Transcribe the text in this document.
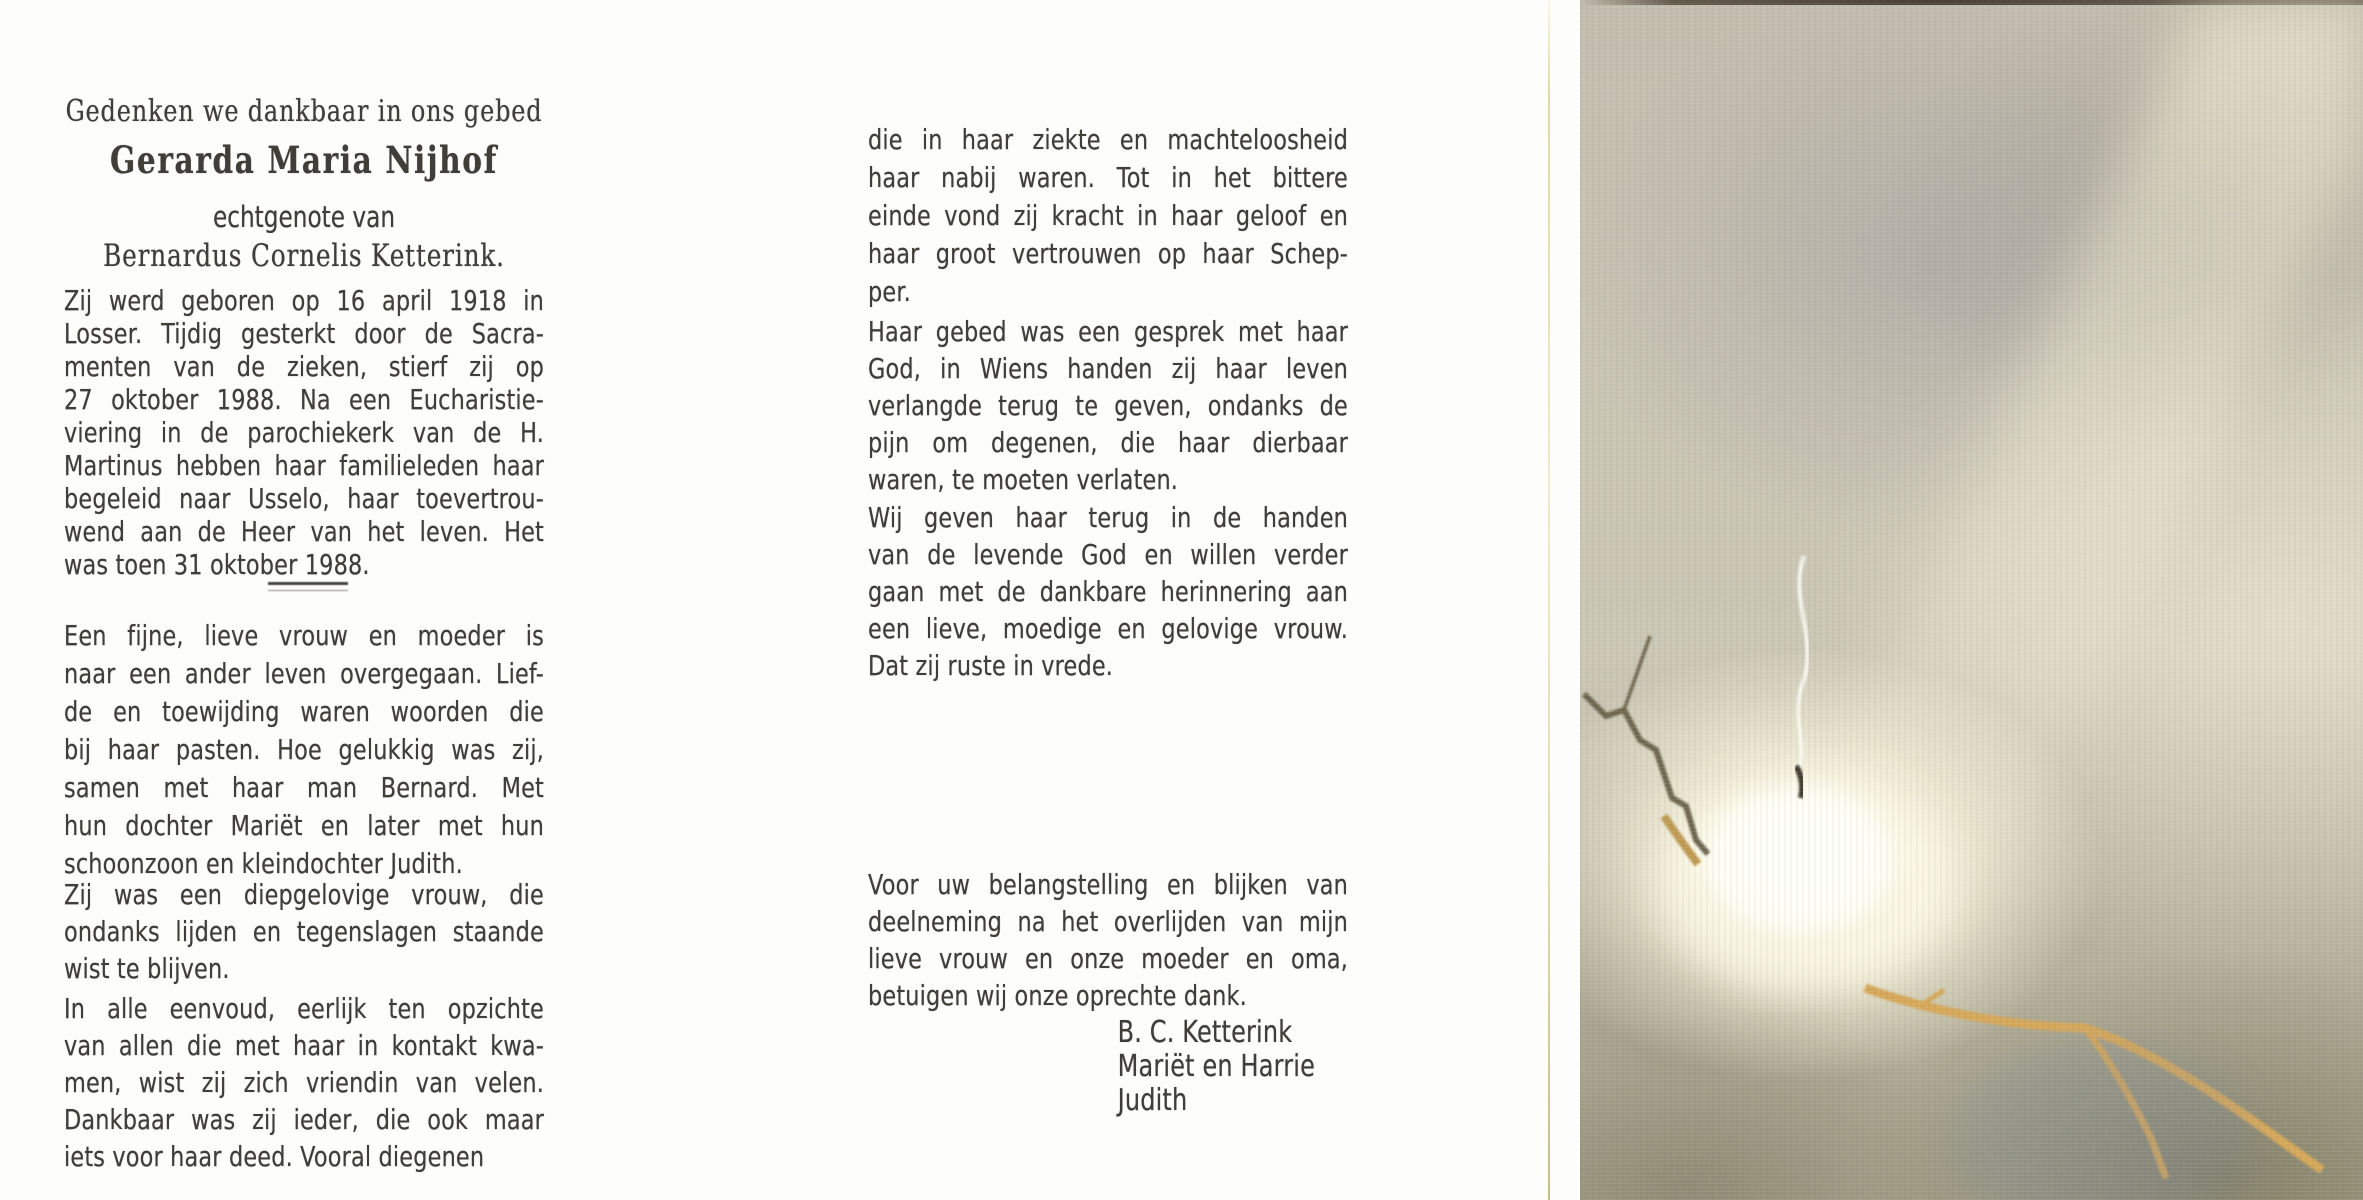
Gedenken we dankbaar in ons gebed
Gerarda Maria Nijhof
echtgenote van
Bernardus Cornelis Ketterink.
Zij werd geboren op 16 april 1918 in
Losser. Tijdig gesterkt door de Sacra-
menten van de zieken, stierf zij op
27 oktober 1988. Na een Eucharistie-
viering in de parochiekerk van de H.
Martinus hebben haar familieleden haar
begeleid naar Usselo, haar toevertrou-
wend aan de Heer van het leven. Het
was toen 31 oktober 1988.
Een fijne, lieve vrouw en moeder is
naar een ander leven overgegaan. Lief-
de en toewijding waren woorden die
bij haar pasten. Hoe gelukkig was zij,
samen met haar man Bernard. Met
hun dochter Mariët en later met hun
schoonzoon en kleindochter Judith.
Zij was een diepgelovige vrouw, die
ondanks lijden en tegenslagen staande
wist te blijven.
In alle eenvoud, eerlijk ten opzichte
van allen die met haar in kontakt kwa-
men, wist zij zich vriendin van velen.
Dankbaar was zij ieder, die ook maar
iets voor haar deed. Vooral diegenen
die in haar ziekte en machteloosheid
haar nabij waren. Tot in het bittere
einde vond zij kracht in haar geloof en
haar groot vertrouwen op haar Schep-
per.
Haar gebed was een gesprek met haar
God, in Wiens handen zij haar leven
verlangde terug te geven, ondanks de
pijn om degenen, die haar dierbaar
waren, te moeten verlaten.
Wij geven haar terug in de handen
van de levende God en willen verder
gaan met de dankbare herinnering aan
een lieve, moedige en gelovige vrouw.
Dat zij ruste in vrede.
Voor uw belangstelling en blijken van
deelneming na het overlijden van mijn
lieve vrouw en onze moeder en oma,
betuigen wij onze oprechte dank.
B. C. Ketterink
Mariët en Harrie
Judith
